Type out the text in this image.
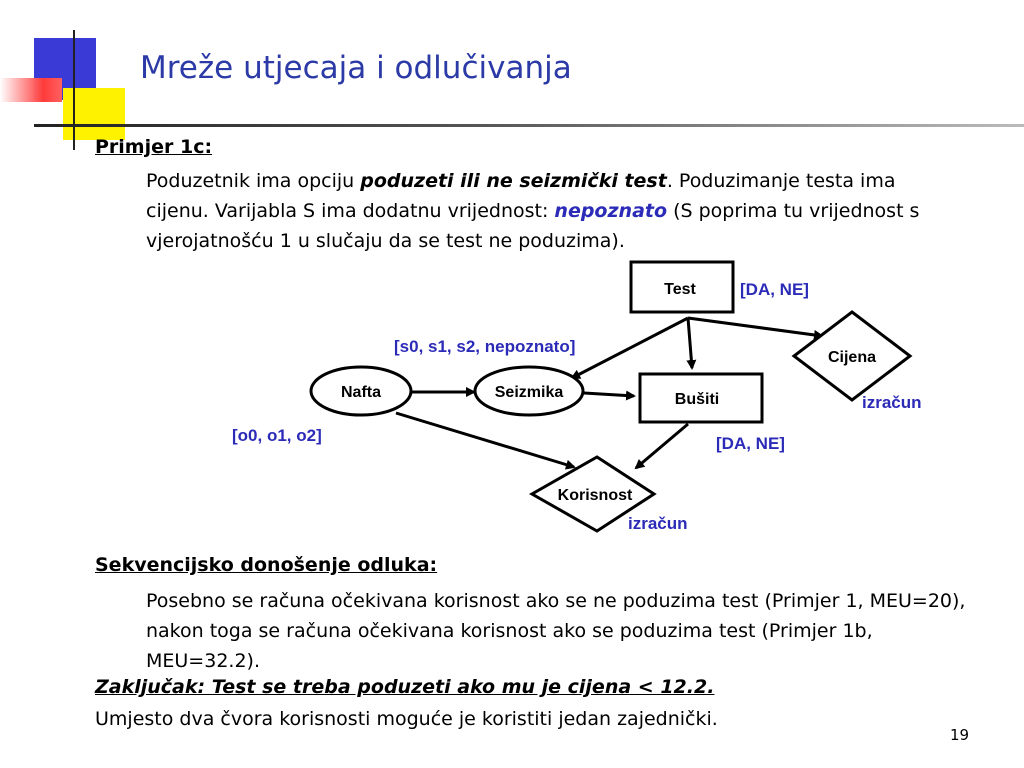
Mreže utjecaja i odlučivanja
Primjer 1c:
Poduzetnik ima opciju poduzeti ili ne seizmički test. Poduzimanje testa ima cijenu. Varijabla S ima dodatnu vrijednost: nepoznato (S poprima tu vrijednost s vjerojatnošću 1 u slučaju da se test ne poduzima).
Test
Nafta	Seizmika	Bušiti
Cijena
Korisnost
[DA, NE]
[s0, s1, s2, nepoznato]
[o0, o1, o2]	[DA, NE]
izračun
izračun
Sekvencijsko donošenje odluka:
Posebno se računa očekivana korisnost ako se ne poduzima test (Primjer 1, MEU=20), nakon toga se računa očekivana korisnost ako se poduzima test (Primjer 1b, MEU=32.2).
Zaključak: Test se treba poduzeti ako mu je cijena < 12.2.
Umjesto dva čvora korisnosti moguće je koristiti jedan zajednički.
19
